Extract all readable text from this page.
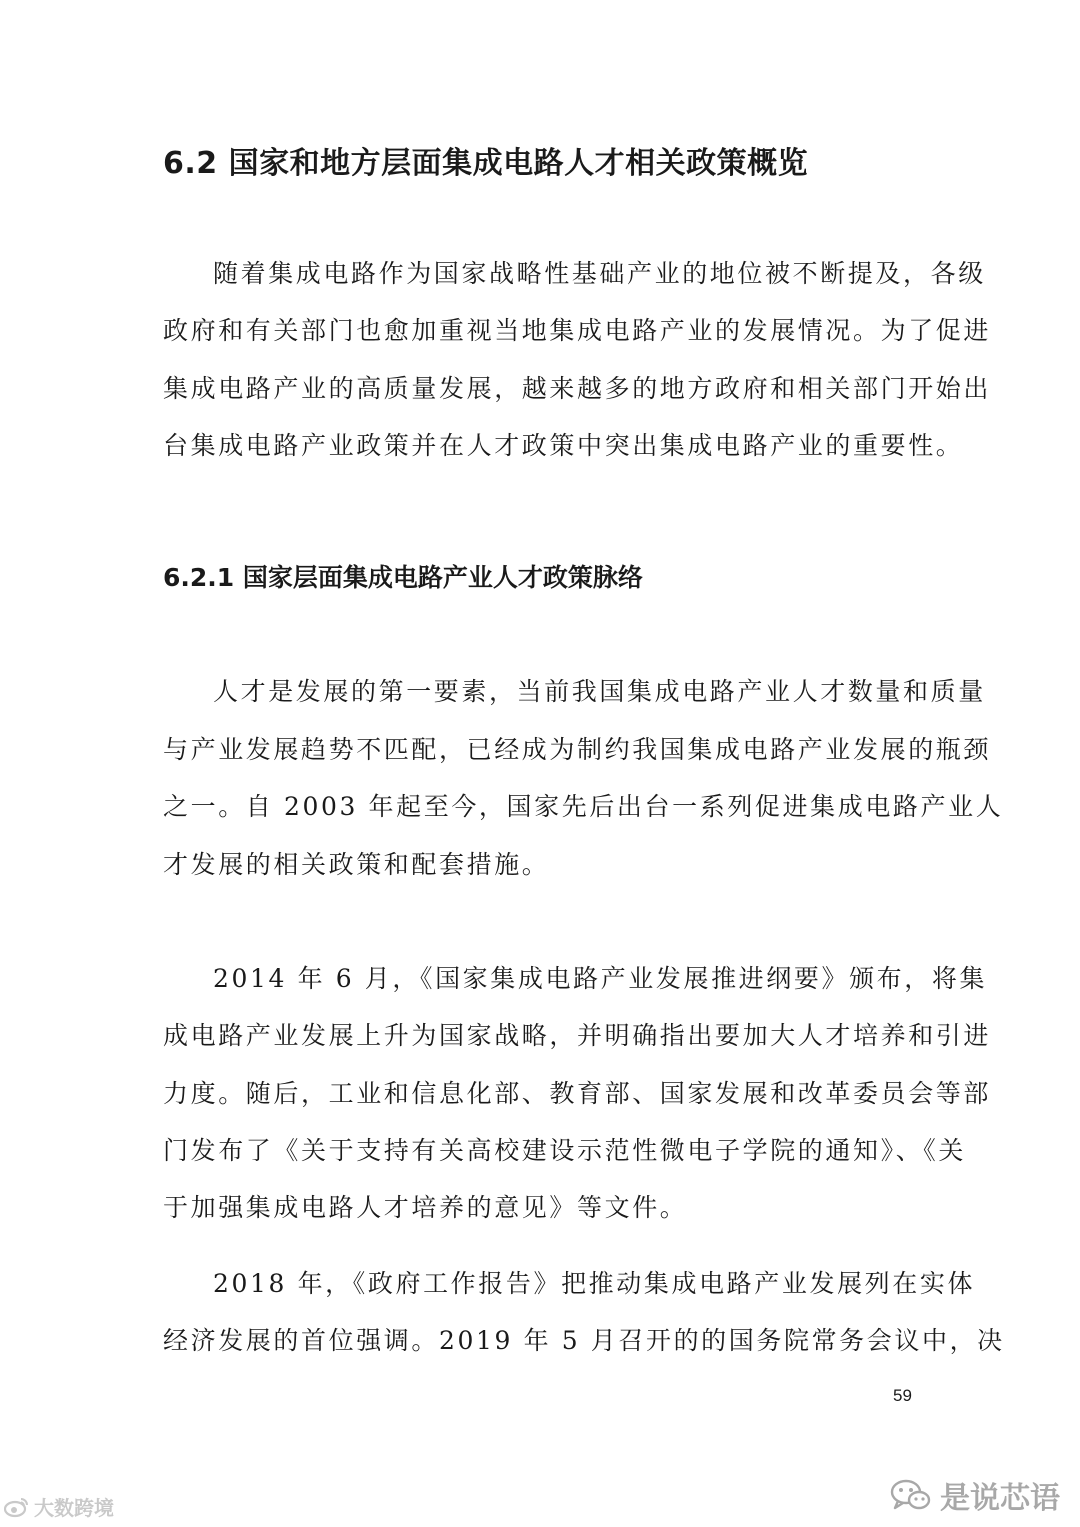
6.2 国家和地方层面集成电路人才相关政策概览
随着集成电路作为国家战略性基础产业的地位被不断提及，各级
政府和有关部门也愈加重视当地集成电路产业的发展情况。为了促进
集成电路产业的高质量发展，越来越多的地方政府和相关部门开始出
台集成电路产业政策并在人才政策中突出集成电路产业的重要性。
6.2.1 国家层面集成电路产业人才政策脉络
人才是发展的第一要素，当前我国集成电路产业人才数量和质量
与产业发展趋势不匹配，已经成为制约我国集成电路产业发展的瓶颈
之一。自 2003 年起至今，国家先后出台一系列促进集成电路产业人
才发展的相关政策和配套措施。
2014 年 6 月，《国家集成电路产业发展推进纲要》颁布，将集
成电路产业发展上升为国家战略，并明确指出要加大人才培养和引进
力度。随后，工业和信息化部、教育部、国家发展和改革委员会等部
门发布了《关于支持有关高校建设示范性微电子学院的通知》、《关
于加强集成电路人才培养的意见》等文件。
2018 年，《政府工作报告》把推动集成电路产业发展列在实体
经济发展的首位强调。2019 年 5 月召开的的国务院常务会议中，决
59
大数跨境	是说芯语
